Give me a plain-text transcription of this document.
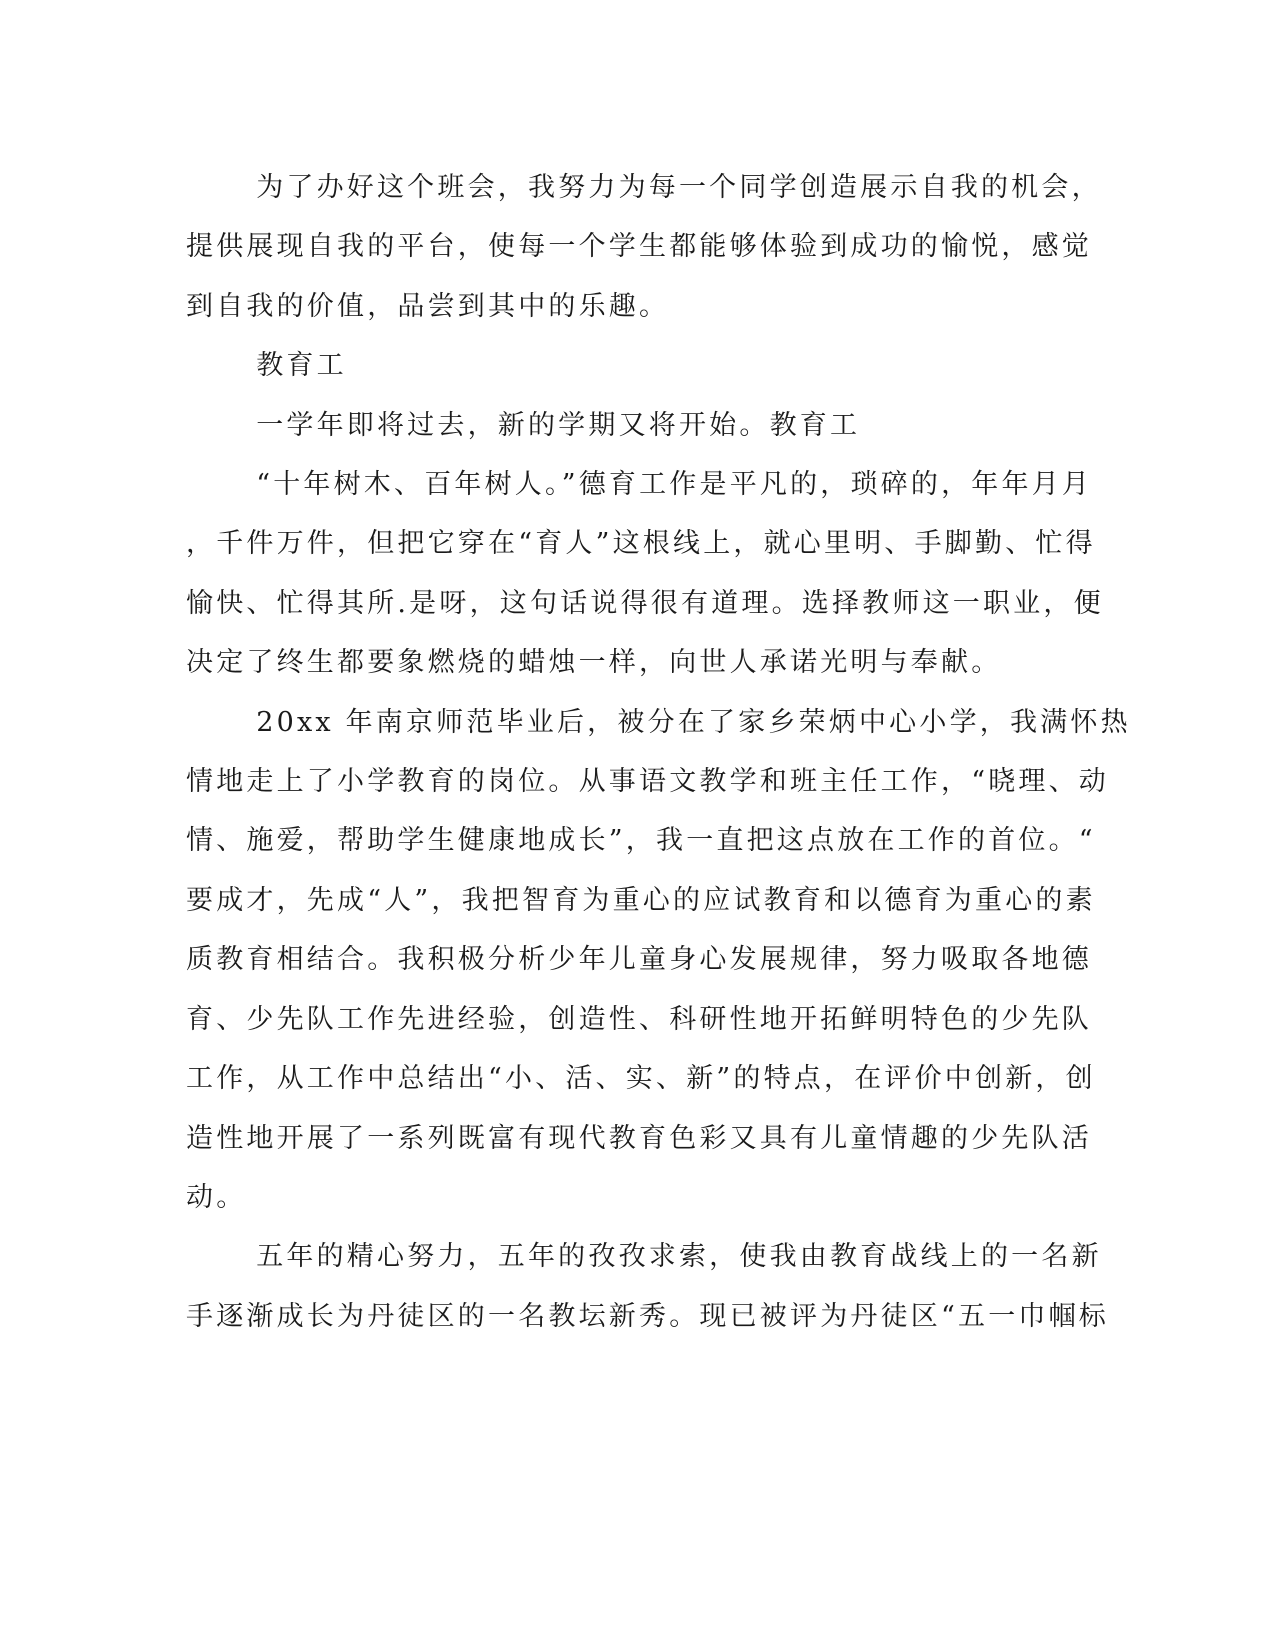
为了办好这个班会，我努力为每一个同学创造展示自我的机会，
提供展现自我的平台，使每一个学生都能够体验到成功的愉悦，感觉
到自我的价值，品尝到其中的乐趣。
教育工
一学年即将过去，新的学期又将开始。教育工
“十年树木、百年树人。”德育工作是平凡的，琐碎的，年年月月
，千件万件，但把它穿在“育人”这根线上，就心里明、手脚勤、忙得
愉快、忙得其所.是呀，这句话说得很有道理。选择教师这一职业，便
决定了终生都要象燃烧的蜡烛一样，向世人承诺光明与奉献。
20xx 年南京师范毕业后，被分在了家乡荣炳中心小学，我满怀热
情地走上了小学教育的岗位。从事语文教学和班主任工作，“晓理、动
情、施爱，帮助学生健康地成长”，我一直把这点放在工作的首位。“
要成才，先成“人”，我把智育为重心的应试教育和以德育为重心的素
质教育相结合。我积极分析少年儿童身心发展规律，努力吸取各地德
育、少先队工作先进经验，创造性、科研性地开拓鲜明特色的少先队
工作，从工作中总结出“小、活、实、新”的特点，在评价中创新，创
造性地开展了一系列既富有现代教育色彩又具有儿童情趣的少先队活
动。
五年的精心努力，五年的孜孜求索，使我由教育战线上的一名新
手逐渐成长为丹徒区的一名教坛新秀。现已被评为丹徒区“五一巾帼标
